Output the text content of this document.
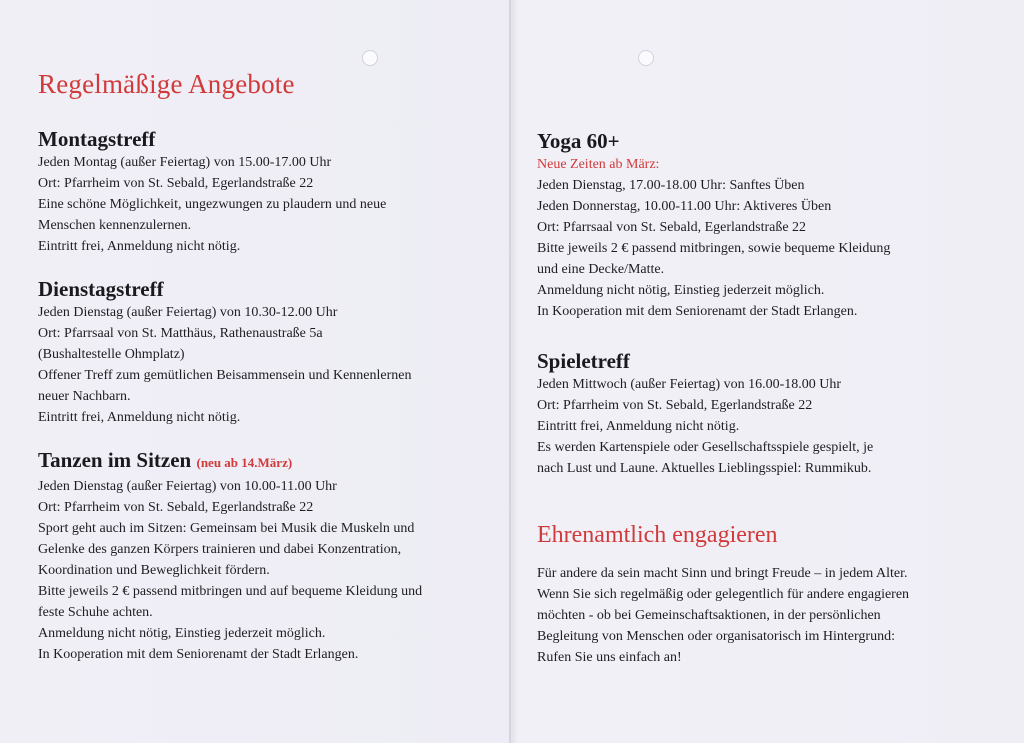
Regelmäßige Angebote
Montagstreff
Jeden Montag (außer Feiertag) von 15.00-17.00 Uhr
Ort: Pfarrheim von St. Sebald, Egerlandstraße 22
Eine schöne Möglichkeit, ungezwungen zu plaudern und neue
Menschen kennenzulernen.
Eintritt frei, Anmeldung nicht nötig.
Dienstagstreff
Jeden Dienstag (außer Feiertag) von 10.30-12.00 Uhr
Ort: Pfarrsaal von St. Matthäus, Rathenaustraße 5a
(Bushaltestelle Ohmplatz)
Offener Treff zum gemütlichen Beisammensein und Kennenlernen
neuer Nachbarn.
Eintritt frei, Anmeldung nicht nötig.
Tanzen im Sitzen (neu ab 14.März)
Jeden Dienstag (außer Feiertag) von 10.00-11.00 Uhr
Ort: Pfarrheim von St. Sebald, Egerlandstraße 22
Sport geht auch im Sitzen: Gemeinsam bei Musik die Muskeln und
Gelenke des ganzen Körpers trainieren und dabei Konzentration,
Koordination und Beweglichkeit fördern.
Bitte jeweils 2 € passend mitbringen und auf bequeme Kleidung und
feste Schuhe achten.
Anmeldung nicht nötig, Einstieg jederzeit möglich.
In Kooperation mit dem Seniorenamt der Stadt Erlangen.
Yoga 60+
Neue Zeiten ab März:
Jeden Dienstag, 17.00-18.00 Uhr: Sanftes Üben
Jeden Donnerstag, 10.00-11.00 Uhr: Aktiveres Üben
Ort: Pfarrsaal von St. Sebald, Egerlandstraße 22
Bitte jeweils 2 € passend mitbringen, sowie bequeme Kleidung
und eine Decke/Matte.
Anmeldung nicht nötig, Einstieg jederzeit möglich.
In Kooperation mit dem Seniorenamt der Stadt Erlangen.
Spieletreff
Jeden Mittwoch (außer Feiertag) von 16.00-18.00 Uhr
Ort: Pfarrheim von St. Sebald, Egerlandstraße 22
Eintritt frei, Anmeldung nicht nötig.
Es werden Kartenspiele oder Gesellschaftsspiele gespielt, je
nach Lust und Laune. Aktuelles Lieblingsspiel: Rummikub.
Ehrenamtlich engagieren
Für andere da sein macht Sinn und bringt Freude – in jedem Alter.
Wenn Sie sich regelmäßig oder gelegentlich für andere engagieren
möchten - ob bei Gemeinschaftsaktionen, in der persönlichen
Begleitung von Menschen oder organisatorisch im Hintergrund:
Rufen Sie uns einfach an!
